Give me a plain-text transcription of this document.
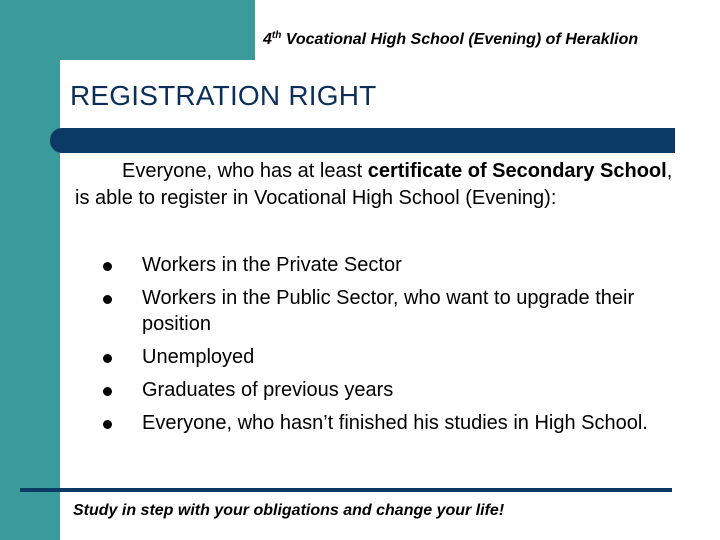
4th Vocational High School (Evening) of Heraklion
REGISTRATION RIGHT
Everyone, who has at least certificate of Secondary School, is able to register in Vocational High School (Evening):
Workers in the Private Sector
Workers in the Public Sector, who want to upgrade their position
Unemployed
Graduates of previous years
Everyone, who hasn’t finished his studies in High School.
Study in step with your obligations and change your life!
